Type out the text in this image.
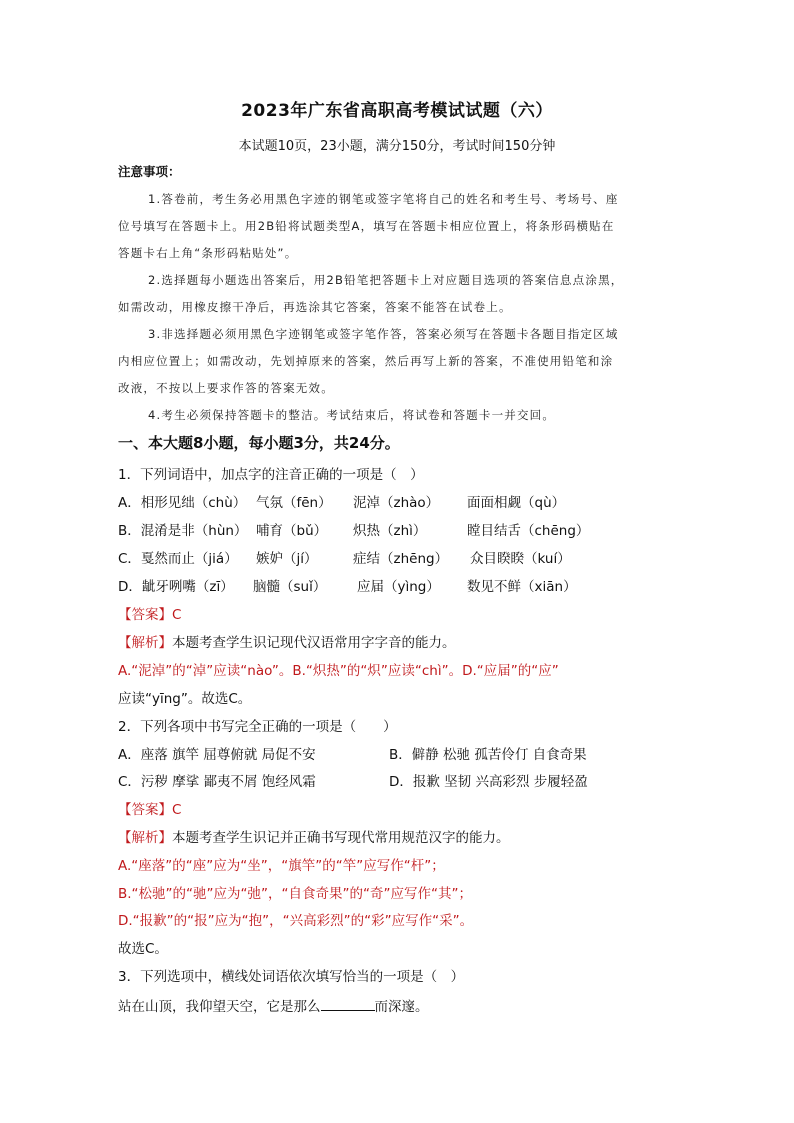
2023年广东省高职高考模试试题（六）
本试题10页，23小题，满分150分，考试时间150分钟
注意事项：
1.答卷前，考生务必用黑色字迹的钢笔或签字笔将自己的姓名和考生号、考场号、座
位号填写在答题卡上。用2B铅将试题类型A，填写在答题卡相应位置上，将条形码横贴在
答题卡右上角“条形码粘贴处”。
2.选择题每小题选出答案后，用2B铅笔把答题卡上对应题目选项的答案信息点涂黑，
如需改动，用橡皮擦干净后，再选涂其它答案，答案不能答在试卷上。
3.非选择题必须用黑色字迹钢笔或签字笔作答，答案必须写在答题卡各题目指定区域
内相应位置上；如需改动，先划掉原来的答案，然后再写上新的答案，不准使用铅笔和涂
改液，不按以上要求作答的答案无效。
4.考生必须保持答题卡的整洁。考试结束后，将试卷和答题卡一并交回。
一、本大题8小题，每小题3分，共24分。
1．下列词语中，加点字的注音正确的一项是（　）
A．相形见绌（chù） 气氛（fēn） 泥淖（zhào） 面面相觑（qù）
B．混淆是非（hùn） 哺育（bǔ） 炽热（zhì）	瞠目结舌（chēng）
C．戛然而止（jiá） 嫉妒（jí）	症结（zhēng） 众目睽睽（kuí）
D．龇牙咧嘴（zī） 脑髓（suǐ） 应届（yìng） 数见不鲜（xiān）
【答案】C
【解析】本题考查学生识记现代汉语常用字字音的能力。
A.“泥淖”的“淖”应读“nào”。B.“炽热”的“炽”应读“chì”。D.“应届”的“应”
应读“yīng”。故选C。
2．下列各项中书写完全正确的一项是（　　）
A．座落 旗竿 屈尊俯就 局促不安	B．僻静 松驰 孤苦伶仃 自食奇果
C．污秽 摩挲 鄙夷不屑 饱经风霜	D．报歉 坚韧 兴高彩烈 步履轻盈
【答案】C
【解析】本题考查学生识记并正确书写现代常用规范汉字的能力。
A.“座落”的“座”应为“坐”，“旗竿”的“竿”应写作“杆”；
B.“松驰”的“驰”应为“弛”，“自食奇果”的“奇”应写作“其”；
D.“报歉”的“报”应为“抱”，“兴高彩烈”的“彩”应写作“采”。
故选C。
3．下列选项中，横线处词语依次填写恰当的一项是（　）
站在山顶，我仰望天空，它是那么	而深邃。
